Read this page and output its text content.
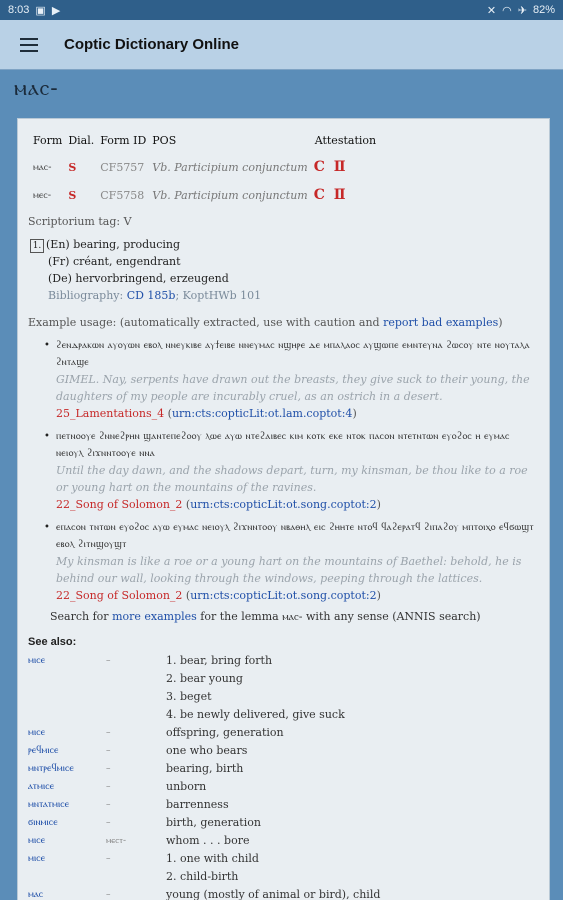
8:03 ▣ ▶	✕ ◠ ✈ 82%
Coptic Dictionary Online
ⲙⲁⲥ-
Form	Dial.	Form ID	POS	Attestation
ⲙⲁⲥ-	S	CF5757	Vb. Participium conjunctum	C Ⅱ
ⲙⲉⲥ-	S	CF5758	Vb. Participium conjunctum	C Ⅱ
Scriptorium tag: V
1. (En) bearing, producing
(Fr) créant, engendrant
(De) hervorbringend, erzeugend
Bibliography: CD 185b; KoptHWb 101
Example usage: (automatically extracted, use with caution and report bad examples)
• ϩⲉⲛⲇⲣⲁⲕⲱⲛ ⲁⲩⲟⲩⲱⲛ ⲉⲃⲟⲗ ⲛⲛⲉⲩⲕⲓⲃⲉ ⲁⲩϯⲉⲓⲃⲉ ⲛⲛⲉⲩⲙⲁⲥ ⲛϣⲏⲣⲉ ⲇⲉ ⲙⲡⲁⲗⲁⲟⲥ ⲁⲩϣⲱⲡⲉ ⲉⲙⲛⲧⲉⲩⲛⲁ ϩⲱⲥⲟⲩ ⲛⲧⲉ ⲛⲟⲩⲧⲁⲗⲁ ϩⲛⲧⲁϣⲉ
GIMEL. Nay, serpents have drawn out the breasts, they give suck to their young, the daughters of my people are incurably cruel, as an ostrich in a desert.
25_Lamentations_4 (urn:cts:copticLit:ot.lam.coptot:4)
• ⲡⲉⲧⲛⲟⲟⲩⲉ ϩⲛⲛⲉϩⲣⲏⲛ ϣⲁⲛⲧⲉⲡⲉϩⲟⲟⲩ ⲗⲱⲉ ⲁⲩⲱ ⲛⲧⲉϩⲁⲓⲃⲉⲥ ⲕⲓⲙ ⲕⲟⲧⲕ ⲉⲕⲉ ⲛⲧⲟⲕ ⲡⲁⲥⲟⲛ ⲛⲧⲉⲧⲛⲧⲱⲛ ⲉⲩⲟϩⲟⲥ ⲏ ⲉⲩⲙⲁⲥ ⲛⲉⲓⲟⲩⲗ ϩⲓϫⲛⲛⲧⲟⲟⲩⲉ ⲛⲛⲁ
Until the day dawn, and the shadows depart, turn, my kinsman, be thou like to a roe or young hart on the mountains of the ravines.
22_Song of Solomon_2 (urn:cts:copticLit:ot.song.coptot:2)
• ⲉⲡⲁⲥⲟⲛ ⲧⲛⲧⲱⲛ ⲉⲩⲟϩⲟⲥ ⲁⲩⲱ ⲉⲩⲙⲁⲥ ⲛⲉⲓⲟⲩⲗ ϩⲓϫⲛⲛⲧⲟⲟⲩ ⲛⲃⲁⲑⲏⲗ ⲉⲓⲥ ϩⲏⲏⲧⲉ ⲛⲧⲟϥ ϥⲁϩⲉⲣⲁⲧϥ ϩⲓⲡⲁϩⲟⲩ ⲙⲡⲧⲟⲓⲭⲟ ⲉϥϭⲱϣⲧ ⲉⲃⲟⲗ ϩⲓⲧⲛϣⲟⲩϣⲧ
My kinsman is like a roe or a young hart on the mountains of Baethel: behold, he is behind our wall, looking through the windows, peeping through the lattices.
22_Song of Solomon_2 (urn:cts:copticLit:ot.song.coptot:2)
Search for more examples for the lemma ⲙⲁⲥ- with any sense (ANNIS search)
See also:
ⲙⲓⲥⲉ	–	1. bear, bring forth
2. bear young
3. beget
4. be newly delivered, give suck
ⲙⲓⲥⲉ	–	offspring, generation
ⲣⲉϥⲙⲓⲥⲉ	–	one who bears
ⲙⲛⲧⲣⲉϥⲙⲓⲥⲉ	–	bearing, birth
ⲁⲧⲙⲓⲥⲉ	–	unborn
ⲙⲛⲧⲁⲧⲙⲓⲥⲉ	–	barrenness
ϭⲓⲛⲙⲓⲥⲉ	–	birth, generation
ⲙⲓⲥⲉ	ⲙⲉⲥⲧ-	whom . . . bore
ⲙⲓⲥⲉ	–	1. one with child
2. child-birth
ⲙⲁⲥ	–	young (mostly of animal or bird), child
